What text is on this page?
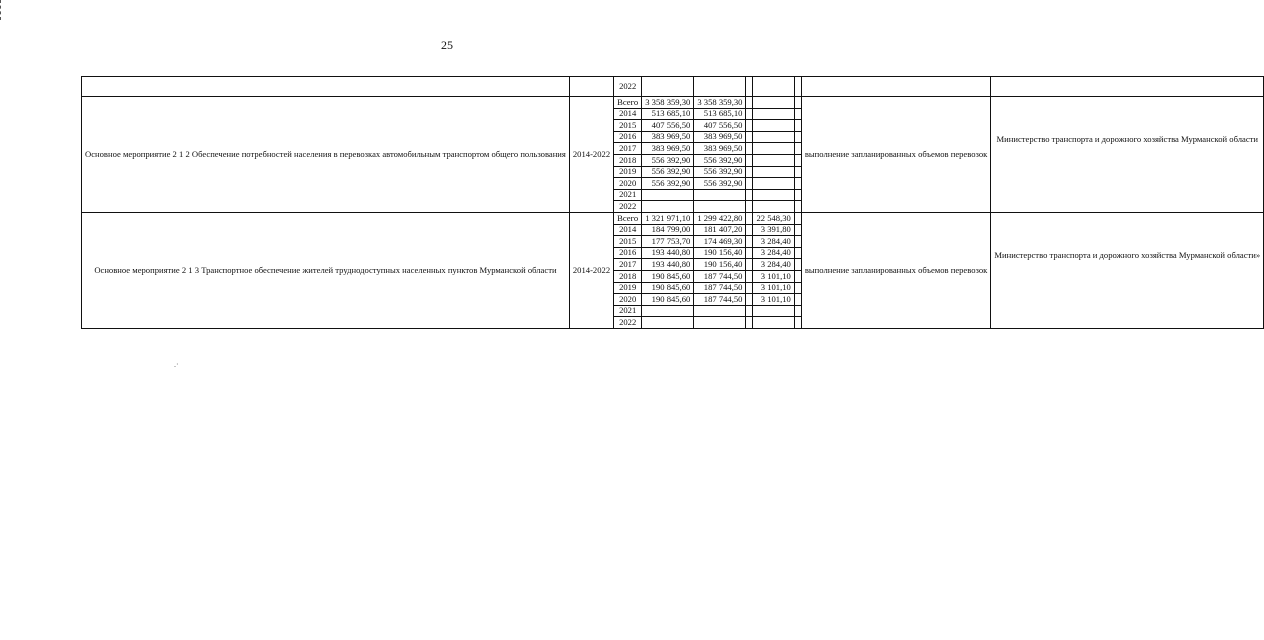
25
		2022							
Основное мероприятие 2 1 2 Обеспечение потребностей населения в перевозках автомобильным транспортом общего пользования	2014-2022	Всего	3 358 359,30	3 358 359,30				выполнение запланированных объемов перевозок	Министерство транспорта и дорожного хозяйства Мурманской области
		2014	513 685,10	513 685,10					
		2015	407 556,50	407 556,50					
		2016	383 969,50	383 969,50					
		2017	383 969,50	383 969,50					
		2018	556 392,90	556 392,90					
		2019	556 392,90	556 392,90					
		2020	556 392,90	556 392,90					
		2021							
		2022							
Основное мероприятие 2 1 3 Транспортное обеспечение жителей труднодоступных населенных пунктов Мурманской области	2014-2022	Всего	1 321 971,10	1 299 422,80		22 548,30		выполнение запланированных объемов перевозок	Министерство транспорта и дорожного хозяйства Мурманской области»
		2014	184 799,00	181 407,20		3 391,80			
		2015	177 753,70	174 469,30		3 284,40			
		2016	193 440,80	190 156,40		3 284,40			
		2017	193 440,80	190 156,40		3 284,40			
		2018	190 845,60	187 744,50		3 101,10			
		2019	190 845,60	187 744,50		3 101,10			
		2020	190 845,60	187 744,50		3 101,10			
		2021							
		2022							
.·
